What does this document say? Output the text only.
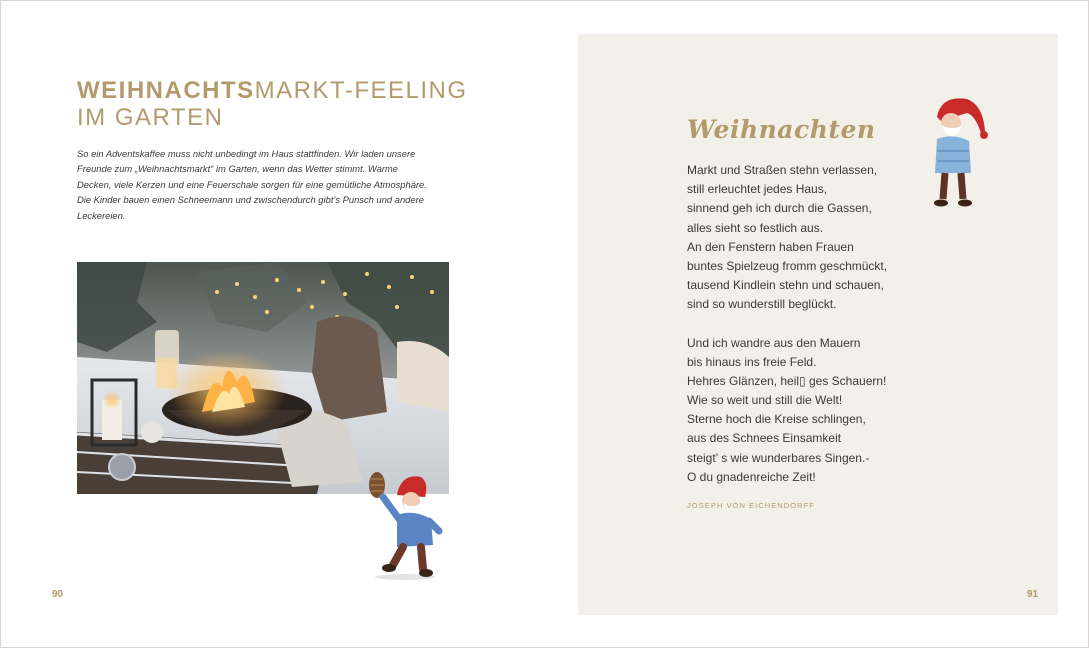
WEIHNACHTSMARKT-FEELING
IM GARTEN
So ein Adventskaffee muss nicht unbedingt im Haus stattfinden. Wir laden unsere
Freunde zum „Weihnachtsmarkt“ im Garten, wenn das Wetter stimmt. Warme
Decken, viele Kerzen und eine Feuerschale sorgen für eine gemütliche Atmosphäre.
Die Kinder bauen einen Schneemann und zwischendurch gibt’s Punsch und andere
Leckereien.
90
Weihnachten
Markt und Straßen stehn verlassen,
still erleuchtet jedes Haus,
sinnend geh ich durch die Gassen,
alles sieht so festlich aus.
An den Fenstern haben Frauen
buntes Spielzeug fromm geschmückt,
tausend Kindlein stehn und schauen,
sind so wunderstill beglückt.
Und ich wandre aus den Mauern
bis hinaus ins freie Feld.
Hehres Glänzen, heil▯ ges Schauern!
Wie so weit und still die Welt!
Sterne hoch die Kreise schlingen,
aus des Schnees Einsamkeit
steigt’ s wie wunderbares Singen.-
O du gnadenreiche Zeit!
JOSEPH VON EICHENDORFF
91
